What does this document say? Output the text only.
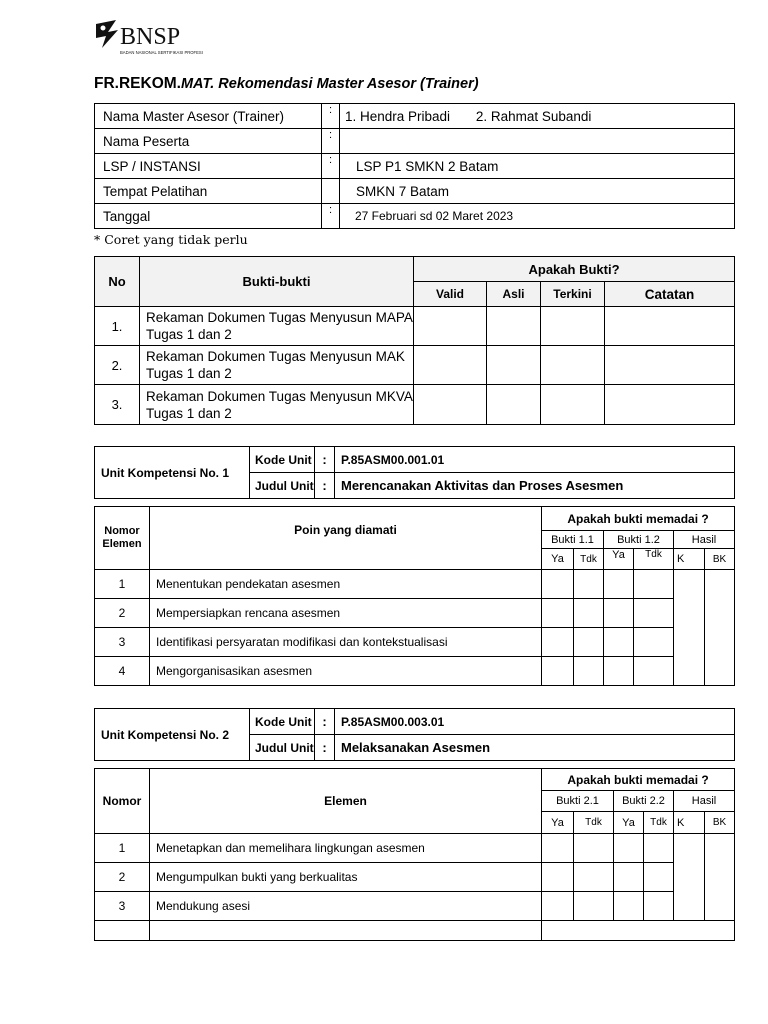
BNSP
BADAN NASIONAL SERTIFIKASI PROFESI
FR.REKOM.MAT. Rekomendasi Master Asesor (Trainer)
Nama Master Asesor (Trainer)	:	1. Hendra Pribadi 2. Rahmat Subandi
Nama Peserta	:	
LSP / INSTANSI	:	LSP P1 SMKN 2 Batam
Tempat Pelatihan		SMKN 7 Batam
Tanggal	:	27 Februari sd 02 Maret 2023
* Coret yang tidak perlu
No	Bukti-bukti	Apakah Bukti?			
		Valid	Asli	Terkini	Catatan
1.	Rekaman Dokumen Tugas Menyusun MAPA
Tugas 1 dan 2				

2.	Rekaman Dokumen Tugas Menyusun MAK
Tugas 1 dan 2				

3.	Rekaman Dokumen Tugas Menyusun MKVA
Tugas 1 dan 2				

Unit Kompetensi No. 1	Kode Unit	:	P.85ASM00.001.01
	Judul Unit	:	Merencanakan Aktivitas dan Proses Asesmen
Nomor
Elemen	Poin yang diamati	Apakah bukti memadai ?					
		Bukti 1.1		Bukti 1.2		Hasil	
		Ya	Tdk	Ya	Tdk	K	BK
1	Menentukan pendekatan asesmen						
2	Mempersiapkan rencana asesmen						
3	Identifikasi persyaratan modifikasi dan kontekstualisasi						
4	Mengorganisasikan asesmen						
Unit Kompetensi No. 2	Kode Unit	:	P.85ASM00.003.01
	Judul Unit	:	Melaksanakan Asesmen
Nomor	Elemen	Apakah bukti memadai ?					
		Bukti 2.1		Bukti 2.2		Hasil	
		Ya	Tdk	Ya	Tdk	K	BK
1	Menetapkan dan memelihara lingkungan asesmen						
2	Mengumpulkan bukti yang berkualitas						
3	Mendukung asesi						
